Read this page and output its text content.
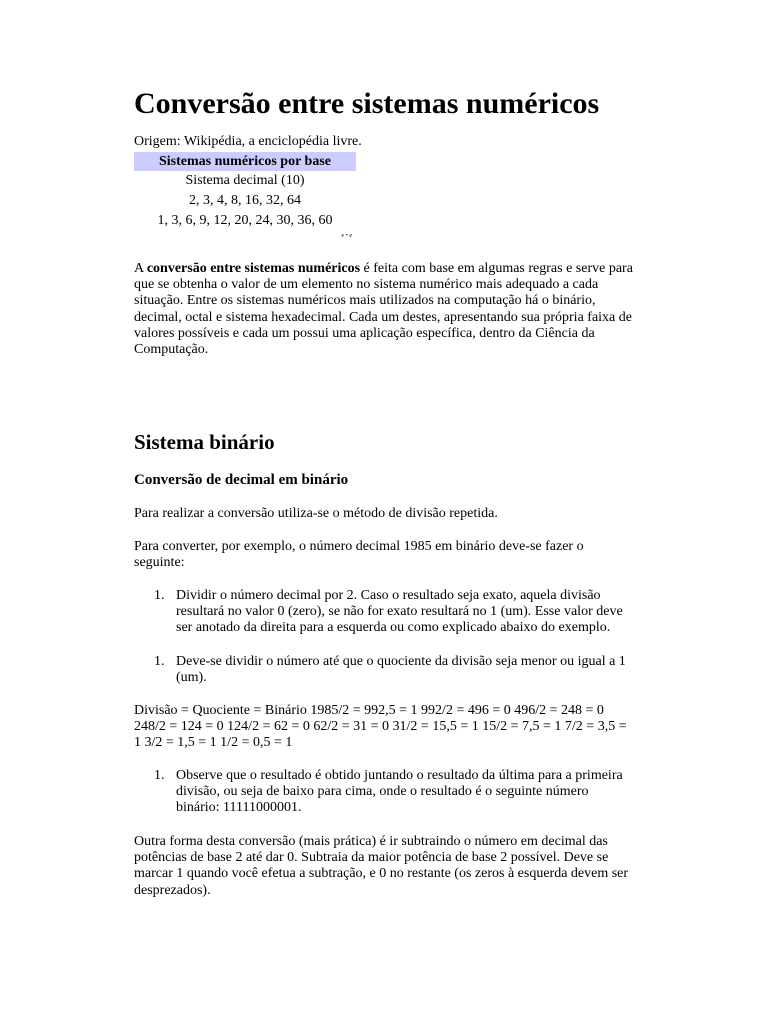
Conversão entre sistemas numéricos
Origem: Wikipédia, a enciclopédia livre.
Sistemas numéricos por base
Sistema decimal (10)
2, 3, 4, 8, 16, 32, 64
1, 3, 6, 9, 12, 20, 24, 30, 36, 60
v • e

A conversão entre sistemas numéricos é feita com base em algumas regras e serve para que se obtenha o valor de um elemento no sistema numérico mais adequado a cada situação. Entre os sistemas numéricos mais utilizados na computação há o binário, decimal, octal e sistema hexadecimal. Cada um destes, apresentando sua própria faixa de valores possíveis e cada um possui uma aplicação específica, dentro da Ciência da Computação.

Sistema binário
Conversão de decimal em binário

Para realizar a conversão utiliza-se o método de divisão repetida.

Para converter, por exemplo, o número decimal 1985 em binário deve-se fazer o seguinte:

1. Dividir o número decimal por 2. Caso o resultado seja exato, aquela divisão resultará no valor 0 (zero), se não for exato resultará no 1 (um). Esse valor deve ser anotado da direita para a esquerda ou como explicado abaixo do exemplo.
1. Deve-se dividir o número até que o quociente da divisão seja menor ou igual a 1 (um).

Divisão = Quociente = Binário 1985/2 = 992,5 = 1 992/2 = 496 = 0 496/2 = 248 = 0 248/2 = 124 = 0 124/2 = 62 = 0 62/2 = 31 = 0 31/2 = 15,5 = 1 15/2 = 7,5 = 1 7/2 = 3,5 = 1 3/2 = 1,5 = 1 1/2 = 0,5 = 1

1. Observe que o resultado é obtido juntando o resultado da última para a primeira divisão, ou seja de baixo para cima, onde o resultado é o seguinte número binário: 11111000001.

Outra forma desta conversão (mais prática) é ir subtraindo o número em decimal das potências de base 2 até dar 0. Subtraia da maior potência de base 2 possível. Deve se marcar 1 quando você efetua a subtração, e 0 no restante (os zeros à esquerda devem ser desprezados).
